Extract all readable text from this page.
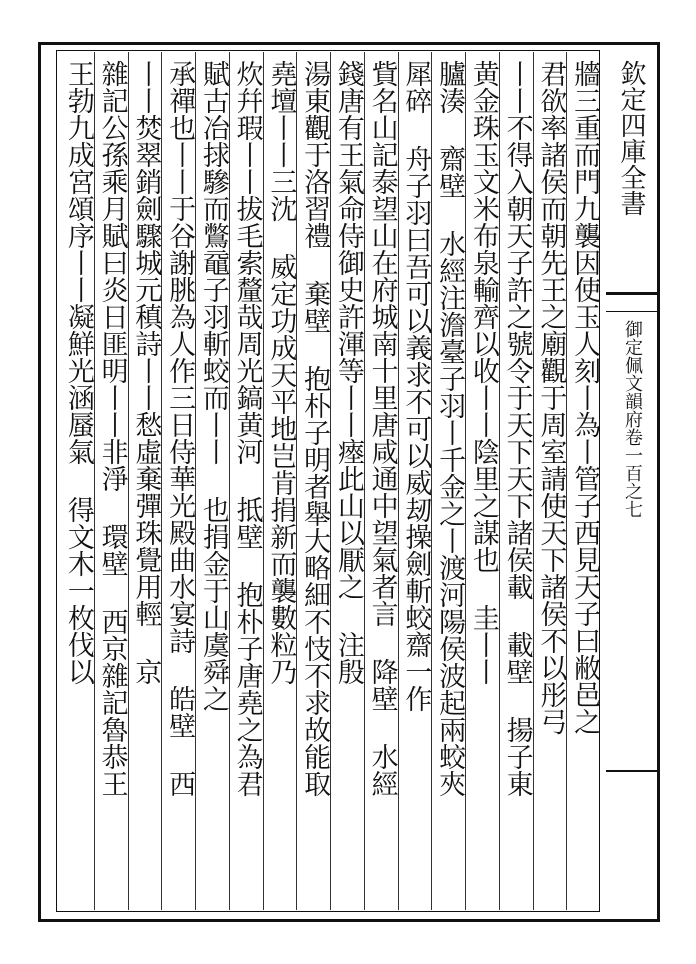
欽定四庫全書
御定佩文韻府卷一百之七
牆三重而門九襲因使玉人刻丨為丨管子西見天子曰敝邑之
君欲率諸侯而朝先王之廟觀于周室請使天下諸侯不以彤弓
丨丨不得入朝天子許之號令于天下天下諸侯載 載壁 揚子東
黄金珠玉文米布泉輸齊以收丨丨陰里之謀也 圭丨丨
臚湊 齋壁 水經注澹臺子羽丨千金之丨渡河陽侯波起兩蛟夾
犀碎 舟子羽曰吾可以義求不可以威刼操劍斬蛟齋一作
貲名山記泰望山在府城南十里唐咸通中望氣者言 降壁 水經
錢唐有王氣命侍御史許渾等丨丨瘞此山以厭之 注殷
湯東觀于洛習禮 棄壁 抱朴子明者舉大略細不忮不求故能取
堯壇丨丨三沈 威定功成天平地岂肯捐新而襲數粒乃
炊幷瑕丨丨拔毛索釐哉周光鎬黄河 抵壁 抱朴子唐堯之為君
賦古冶捄驂而鷩黿子羽斬蛟而丨丨 也捐金于山虞舜之
承禪也丨丨于谷謝朓為人作三日侍華光殿曲水宴詩 皓壁 西
丨丨焚翠銷劍驟城元稹詩丨丨愁虛棄彈珠覺用輕 京
雜記公孫乘月賦曰炎日匪明丨丨非淨 環壁 西京雜記魯恭王
王勃九成宮頌序丨丨凝鮮光涵蜃氣 得文木一枚伐以
